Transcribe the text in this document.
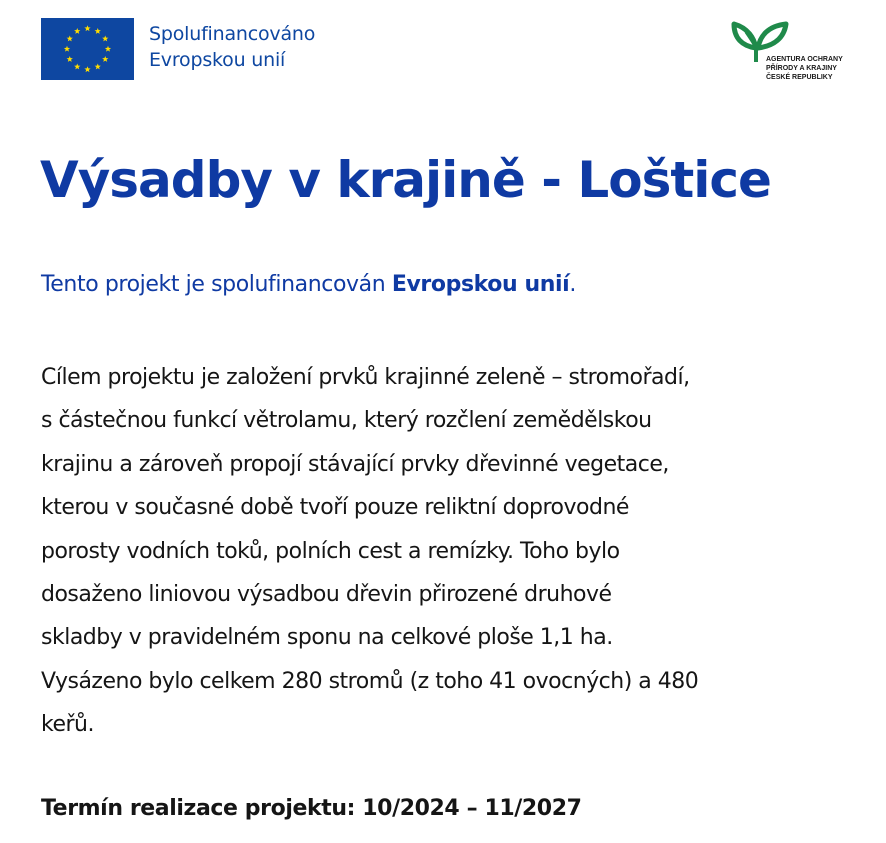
Spolufinancováno
Evropskou unií	AGENTURA OCHRANY
PŘÍRODY A KRAJINY
ČESKÉ REPUBLIKY
Výsadby v krajině - Loštice

Tento projekt je spolufinancován Evropskou unií.

Cílem projektu je založení prvků krajinné zeleně – stromořadí,
s částečnou funkcí větrolamu, který rozčlení zemědělskou
krajinu a zároveň propojí stávající prvky dřevinné vegetace,
kterou v současné době tvoří pouze reliktní doprovodné
porosty vodních toků, polních cest a remízky. Toho bylo
dosaženo liniovou výsadbou dřevin přirozené druhové
skladby v pravidelném sponu na celkové ploše 1,1 ha.
Vysázeno bylo celkem 280 stromů (z toho 41 ovocných) a 480
keřů.

Termín realizace projektu: 10/2024 – 11/2027
